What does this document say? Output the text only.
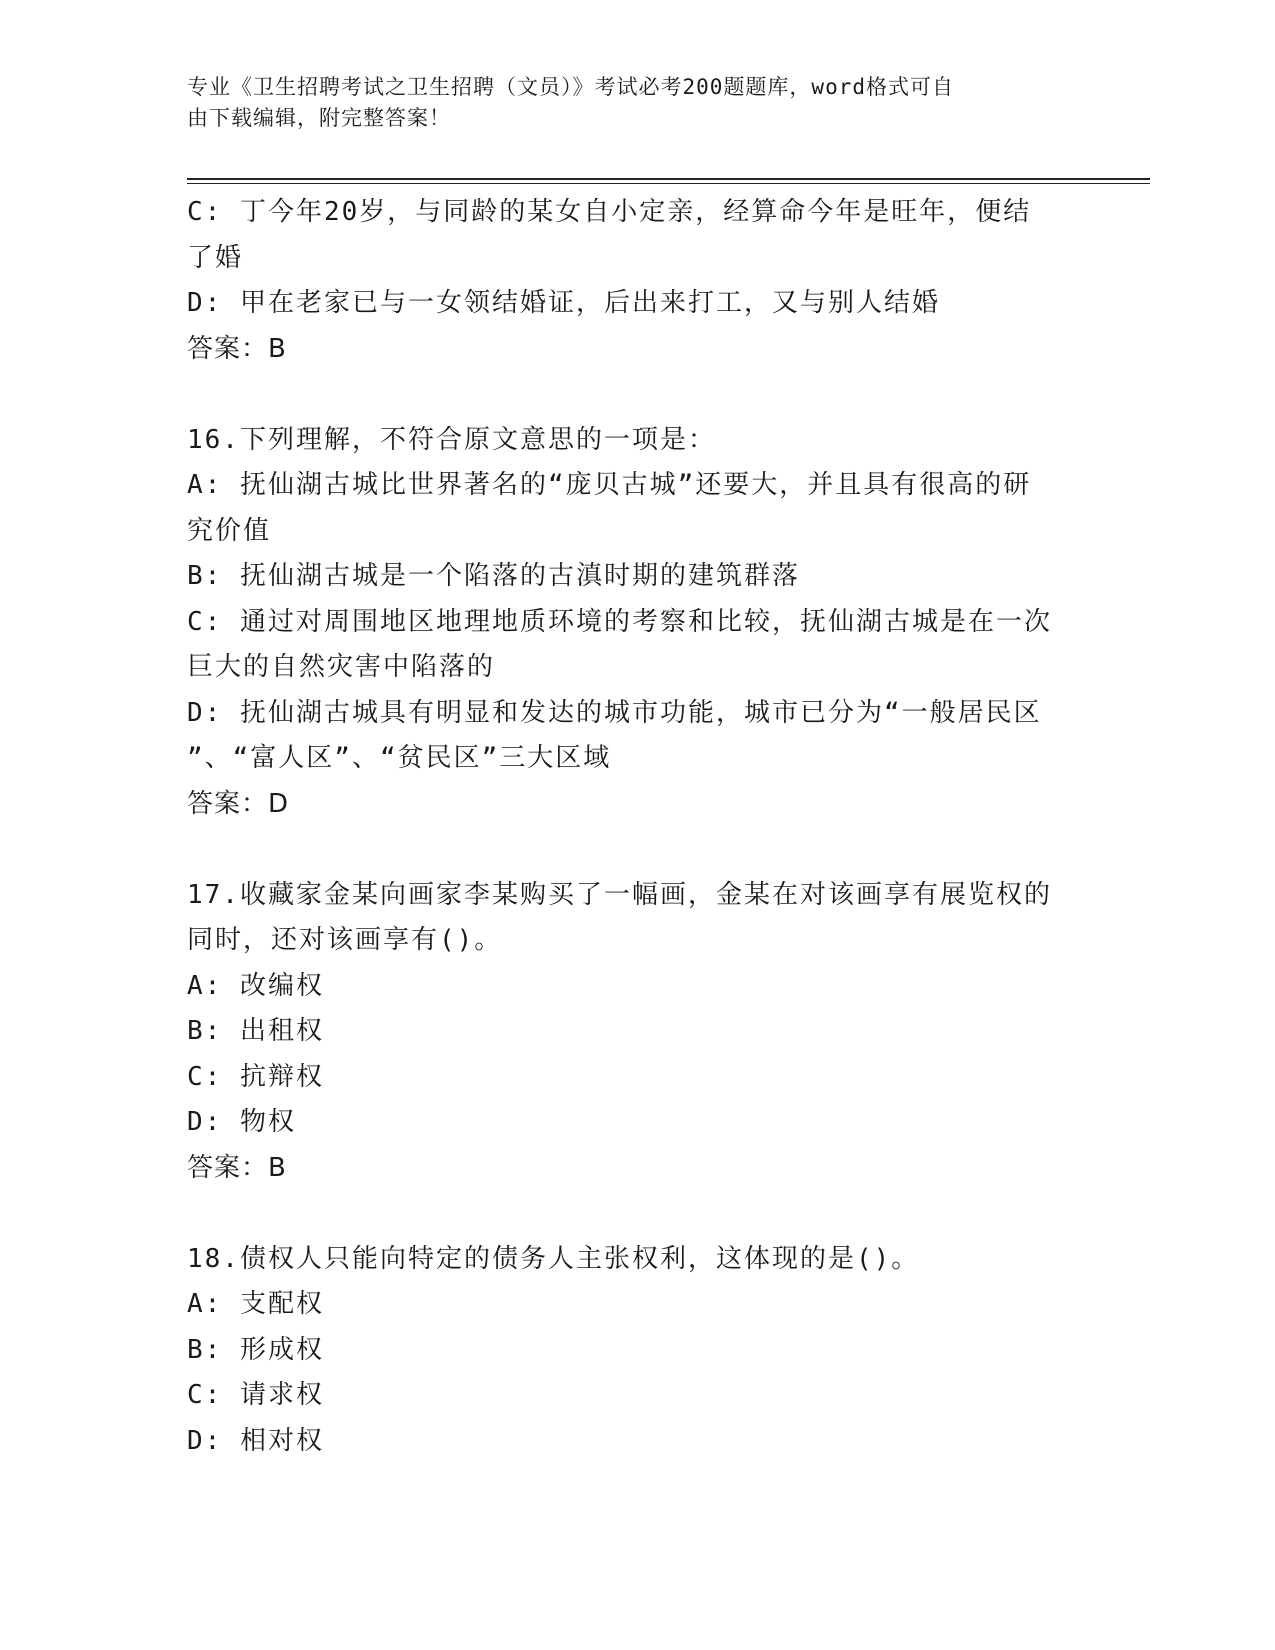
专业《卫生招聘考试之卫生招聘（文员）》考试必考200题题库，word格式可自
由下载编辑，附完整答案！

C: 丁今年20岁，与同龄的某女自小定亲，经算命今年是旺年，便结

了婚

D: 甲在老家已与一女领结婚证，后出来打工，又与别人结婚

答案：B

16.下列理解，不符合原文意思的一项是：

A: 抚仙湖古城比世界著名的“庞贝古城”还要大，并且具有很高的研

究价值

B: 抚仙湖古城是一个陷落的古滇时期的建筑群落

C: 通过对周围地区地理地质环境的考察和比较，抚仙湖古城是在一次

巨大的自然灾害中陷落的

D: 抚仙湖古城具有明显和发达的城市功能，城市已分为“一般居民区

”、“富人区”、“贫民区”三大区域

答案：D

17.收藏家金某向画家李某购买了一幅画，金某在对该画享有展览权的

同时，还对该画享有()。

A: 改编权

B: 出租权

C: 抗辩权

D: 物权

答案：B

18.债权人只能向特定的债务人主张权利，这体现的是()。

A: 支配权

B: 形成权

C: 请求权

D: 相对权
